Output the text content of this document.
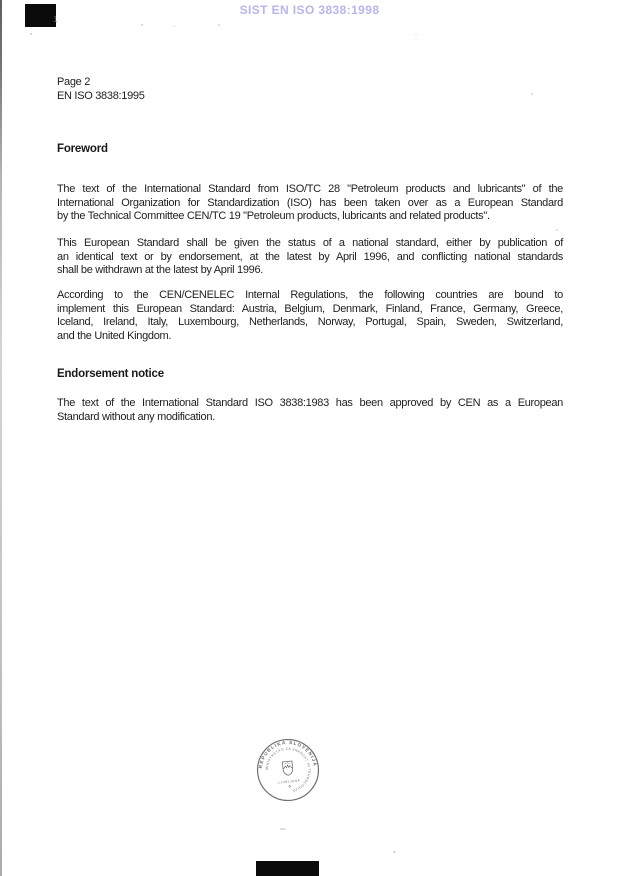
SIST EN ISO 3838:1998
1
Page 2
EN ISO 3838:1995
Foreword
The text of the International Standard from ISO/TC 28 "Petroleum products and lubricants" of the
International Organization for Standardization (ISO) has been taken over as a European Standard
by the Technical Committee CEN/TC 19 "Petroleum products, lubricants and related products".
This European Standard shall be given the status of a national standard, either by publication of
an identical text or by endorsement, at the latest by April 1996, and conflicting national standards
shall be withdrawn at the latest by April 1996.
According to the CEN/CENELEC Internal Regulations, the following countries are bound to
implement this European Standard: Austria, Belgium, Denmark, Finland, France, Germany, Greece,
Iceland, Ireland, Italy, Luxembourg, Netherlands, Norway, Portugal, Spain, Sweden, Switzerland,
and the United Kingdom.
Endorsement notice
The text of the International Standard ISO 3838:1983 has been approved by CEN as a European
Standard without any modification.
REPUBLIKA SLOVENIJA
MINISTRSTVO ZA ZNANOST IN TEHNOLOGIJO
LJUBLJANA
